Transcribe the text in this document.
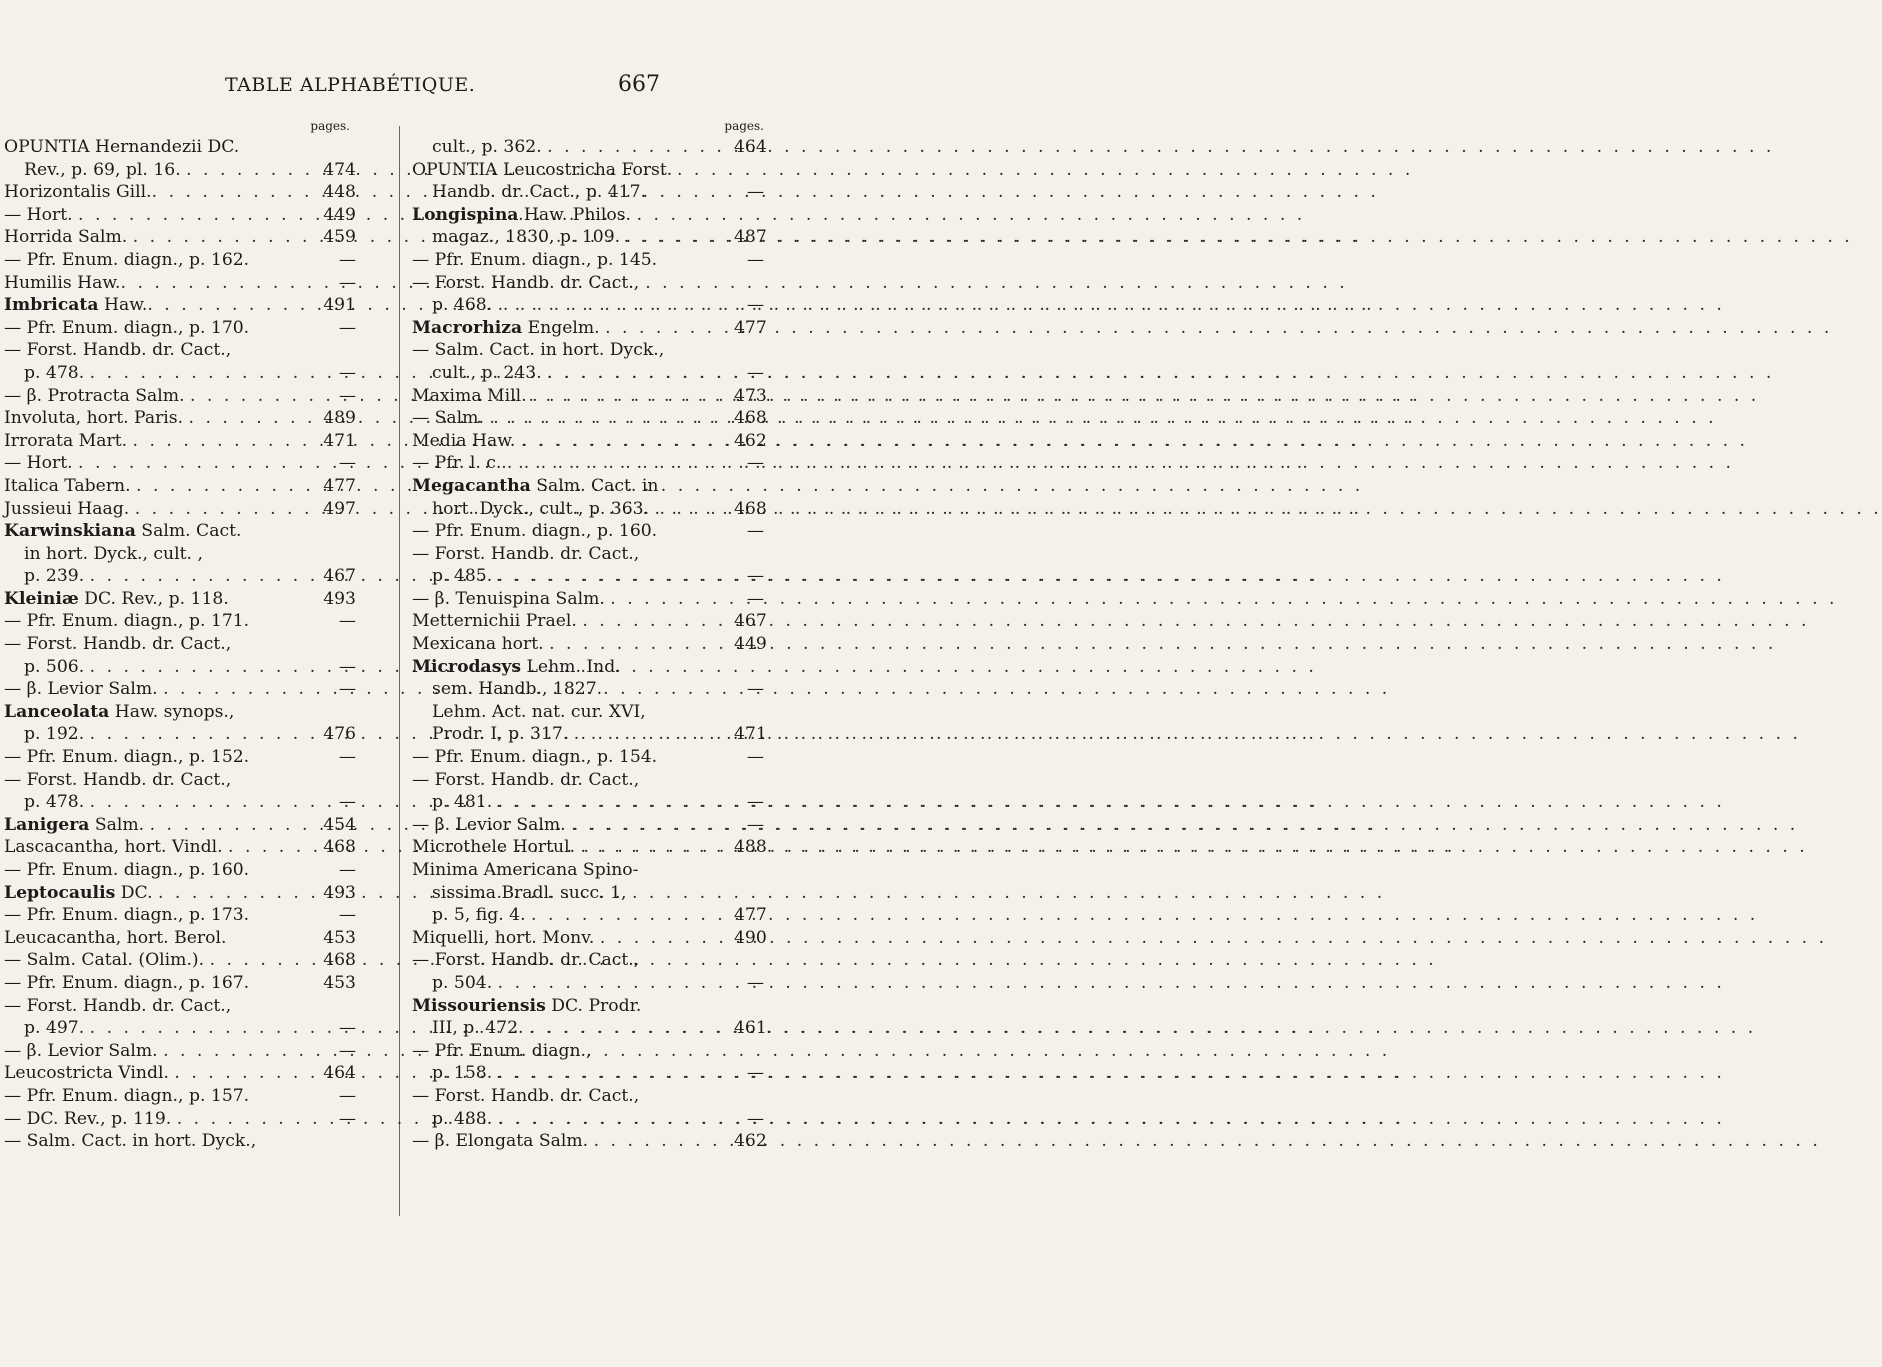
TABLE ALPHABÉTIQUE.	667
pages.
OPUNTIA Hernandezii DC.
Rev., p. 69, pl. 16. . . .	474
Horizontalis Gill. . . .	448
— Hort. . . .	449
Horrida Salm. . . .	459
— Pfr. Enum. diagn., p. 162.	—
Humilis Haw. . . .	—
Imbricata Haw. . . .	491
— Pfr. Enum. diagn., p. 170.	—
— Forst. Handb. dr. Cact.,
p. 478. . . .	—
— β. Protracta Salm. . . .	—
Involuta, hort. Paris. . . .	489
Irrorata Mart. . . .	471
— Hort. . . .	—
Italica Tabern. . . .	477
Jussieui Haag. . . .	497
Karwinskiana Salm. Cact.
in hort. Dyck., cult. ,
p. 239. . . .	467
Kleiniæ DC. Rev., p. 118.	493
— Pfr. Enum. diagn., p. 171.	—
— Forst. Handb. dr. Cact.,
p. 506. . . .	—
— β. Levior Salm. . . .	—
Lanceolata Haw. synops.,
p. 192. . . .	476
— Pfr. Enum. diagn., p. 152.	—
— Forst. Handb. dr. Cact.,
p. 478. . . .	—
Lanigera Salm. . . .	454
Lascacantha, hort. Vindl. . . .	468
— Pfr. Enum. diagn., p. 160.	—
Leptocaulis DC. . . .	493
— Pfr. Enum. diagn., p. 173.	—
Leucacantha, hort. Berol.	453
— Salm. Catal. (Olim.). . . .	468
— Pfr. Enum. diagn., p. 167.	453
— Forst. Handb. dr. Cact.,
p. 497. . . .	—
— β. Levior Salm. . . .	—
Leucostricta Vindl. . . .	464
— Pfr. Enum. diagn., p. 157.	—
— DC. Rev., p. 119. . . .	—
— Salm. Cact. in hort. Dyck.,
pages.
cult., p. 362. . . .	464
OPUNTIA Leucostricha Forst.
Handb. dr. Cact., p. 417.	—
Longispina Haw. Philos.
magaz., 1830, p. 109. . . .	487
— Pfr. Enum. diagn., p. 145.	—
— Forst. Handb. dr. Cact.,
p. 468. . . .	—
Macrorhiza Engelm. . . .	477
— Salm. Cact. in hort. Dyck.,
cult., p. 243. . . .	—
Maxima Mill. . . .	473
— Salm. . . .	468
Media Haw. . . .	462
— Pfr. l. c. . . .	—
Megacantha Salm. Cact. in
hort. Dyck., cult., p. 363. . . .	468
— Pfr. Enum. diagn., p. 160.	—
— Forst. Handb. dr. Cact.,
p. 485. . . .	—
— β. Tenuispina Salm. . . .	—
Metternichii Prael. . . .	467
Mexicana hort. . . .	449
Microdasys Lehm. Ind.
sem. Handb., 1827.	—
Lehm. Act. nat. cur. XVI,
Prodr. I, p. 317. . . .	471
— Pfr. Enum. diagn., p. 154.	—
— Forst. Handb. dr. Cact.,
p. 481. . . .	—
— β. Levior Salm. . . .	—
Microthele Hortul. . . .	488
Minima Americana Spino-
sissima Bradl. succ. 1,
p. 5, fig. 4. . . .	477
Miquelli, hort. Monv. . . .	490
— Forst. Handb. dr. Cact.,
p. 504. . . .	—
Missouriensis DC. Prodr.
III, p. 472. . . .	461
— Pfr. Enum. diagn.,
p. 158. . . .	—
— Forst. Handb. dr. Cact.,
p. 488. . . .	—
— β. Elongata Salm. . . .	462
